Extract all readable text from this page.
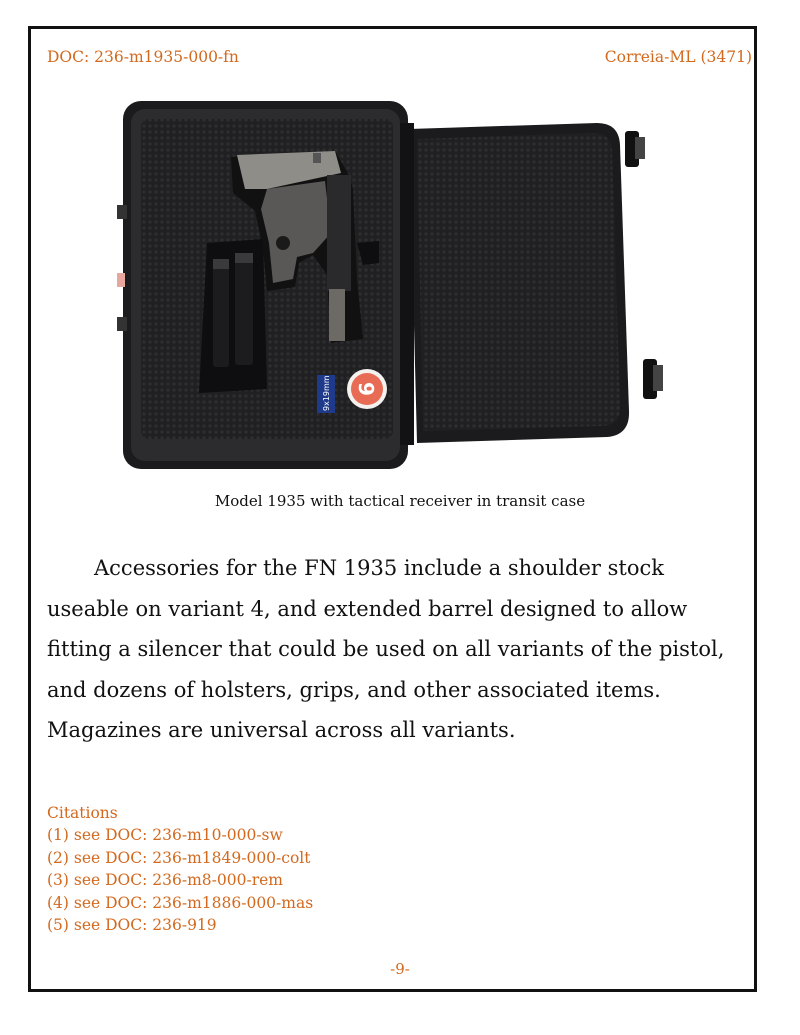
DOC: 236-m1935-000-fn	Correia-ML (3471)
9x19mm 9
Model 1935 with tactical receiver in transit case
Accessories for the FN 1935 include a shoulder stock
useable on variant 4, and extended barrel designed to allow
fitting a silencer that could be used on all variants of the pistol,
and dozens of holsters, grips, and other associated items.
Magazines are universal across all variants.
Citations
(1) see DOC: 236-m10-000-sw
(2) see DOC: 236-m1849-000-colt
(3) see DOC: 236-m8-000-rem
(4) see DOC: 236-m1886-000-mas
(5) see DOC: 236-919
-9-
